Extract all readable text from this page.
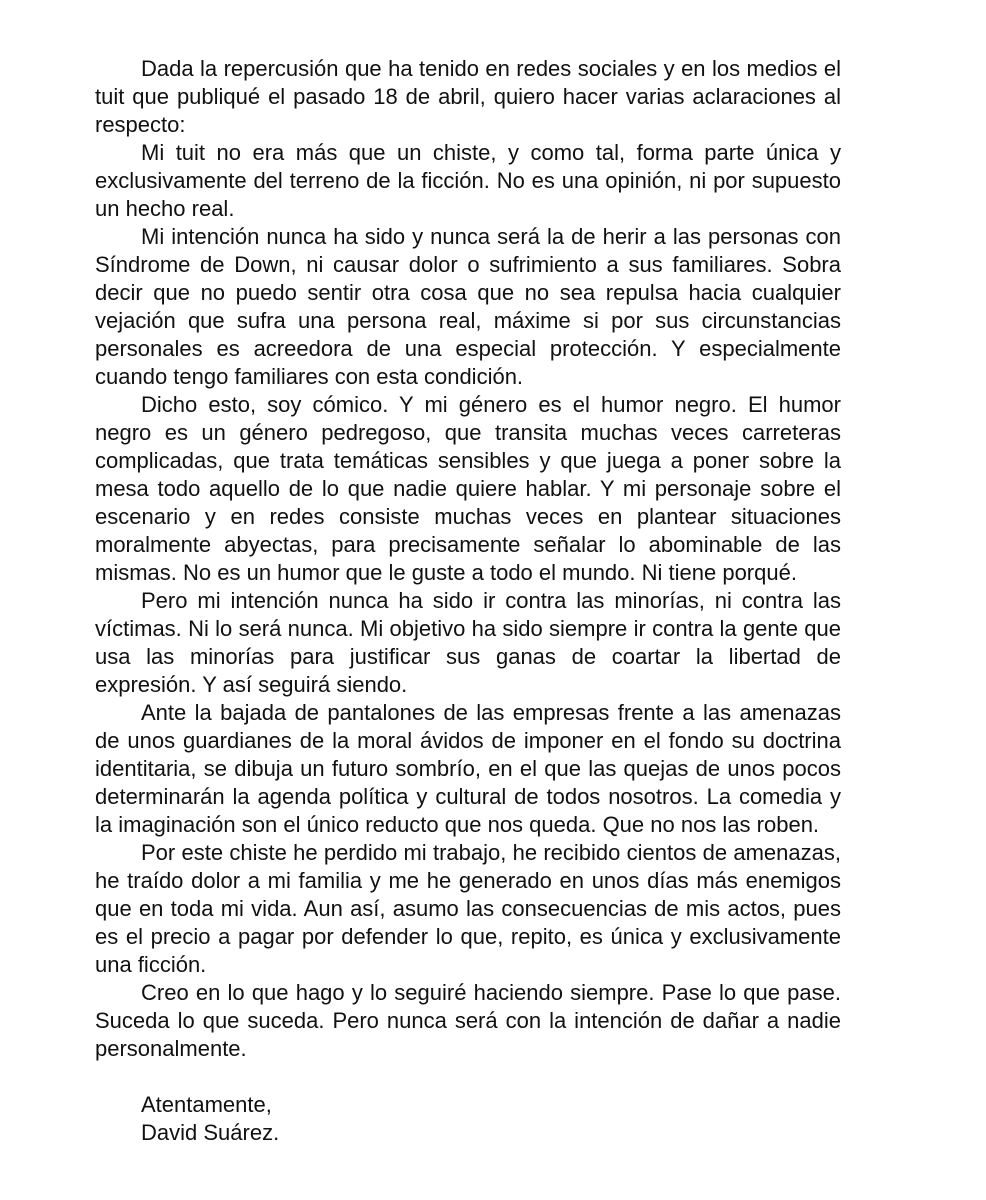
Dada la repercusión que ha tenido en redes sociales y en los medios el tuit que publiqué el pasado 18 de abril, quiero hacer varias aclaraciones al respecto:

Mi tuit no era más que un chiste, y como tal, forma parte única y exclusivamente del terreno de la ficción. No es una opinión, ni por supuesto un hecho real.

Mi intención nunca ha sido y nunca será la de herir a las personas con Síndrome de Down, ni causar dolor o sufrimiento a sus familiares. Sobra decir que no puedo sentir otra cosa que no sea repulsa hacia cualquier vejación que sufra una persona real, máxime si por sus circunstancias personales es acreedora de una especial protección. Y especialmente cuando tengo familiares con esta condición.

Dicho esto, soy cómico. Y mi género es el humor negro. El humor negro es un género pedregoso, que transita muchas veces carreteras complicadas, que trata temáticas sensibles y que juega a poner sobre la mesa todo aquello de lo que nadie quiere hablar. Y mi personaje sobre el escenario y en redes consiste muchas veces en plantear situaciones moralmente abyectas, para precisamente señalar lo abominable de las mismas. No es un humor que le guste a todo el mundo. Ni tiene porqué.

Pero mi intención nunca ha sido ir contra las minorías, ni contra las víctimas. Ni lo será nunca. Mi objetivo ha sido siempre ir contra la gente que usa las minorías para justificar sus ganas de coartar la libertad de expresión. Y así seguirá siendo.

Ante la bajada de pantalones de las empresas frente a las amenazas de unos guardianes de la moral ávidos de imponer en el fondo su doctrina identitaria, se dibuja un futuro sombrío, en el que las quejas de unos pocos determinarán la agenda política y cultural de todos nosotros. La comedia y la imaginación son el único reducto que nos queda. Que no nos las roben.

Por este chiste he perdido mi trabajo, he recibido cientos de amenazas, he traído dolor a mi familia y me he generado en unos días más enemigos que en toda mi vida. Aun así, asumo las consecuencias de mis actos, pues es el precio a pagar por defender lo que, repito, es única y exclusivamente una ficción.

Creo en lo que hago y lo seguiré haciendo siempre. Pase lo que pase. Suceda lo que suceda. Pero nunca será con la intención de dañar a nadie personalmente.

Atentamente,
David Suárez.
